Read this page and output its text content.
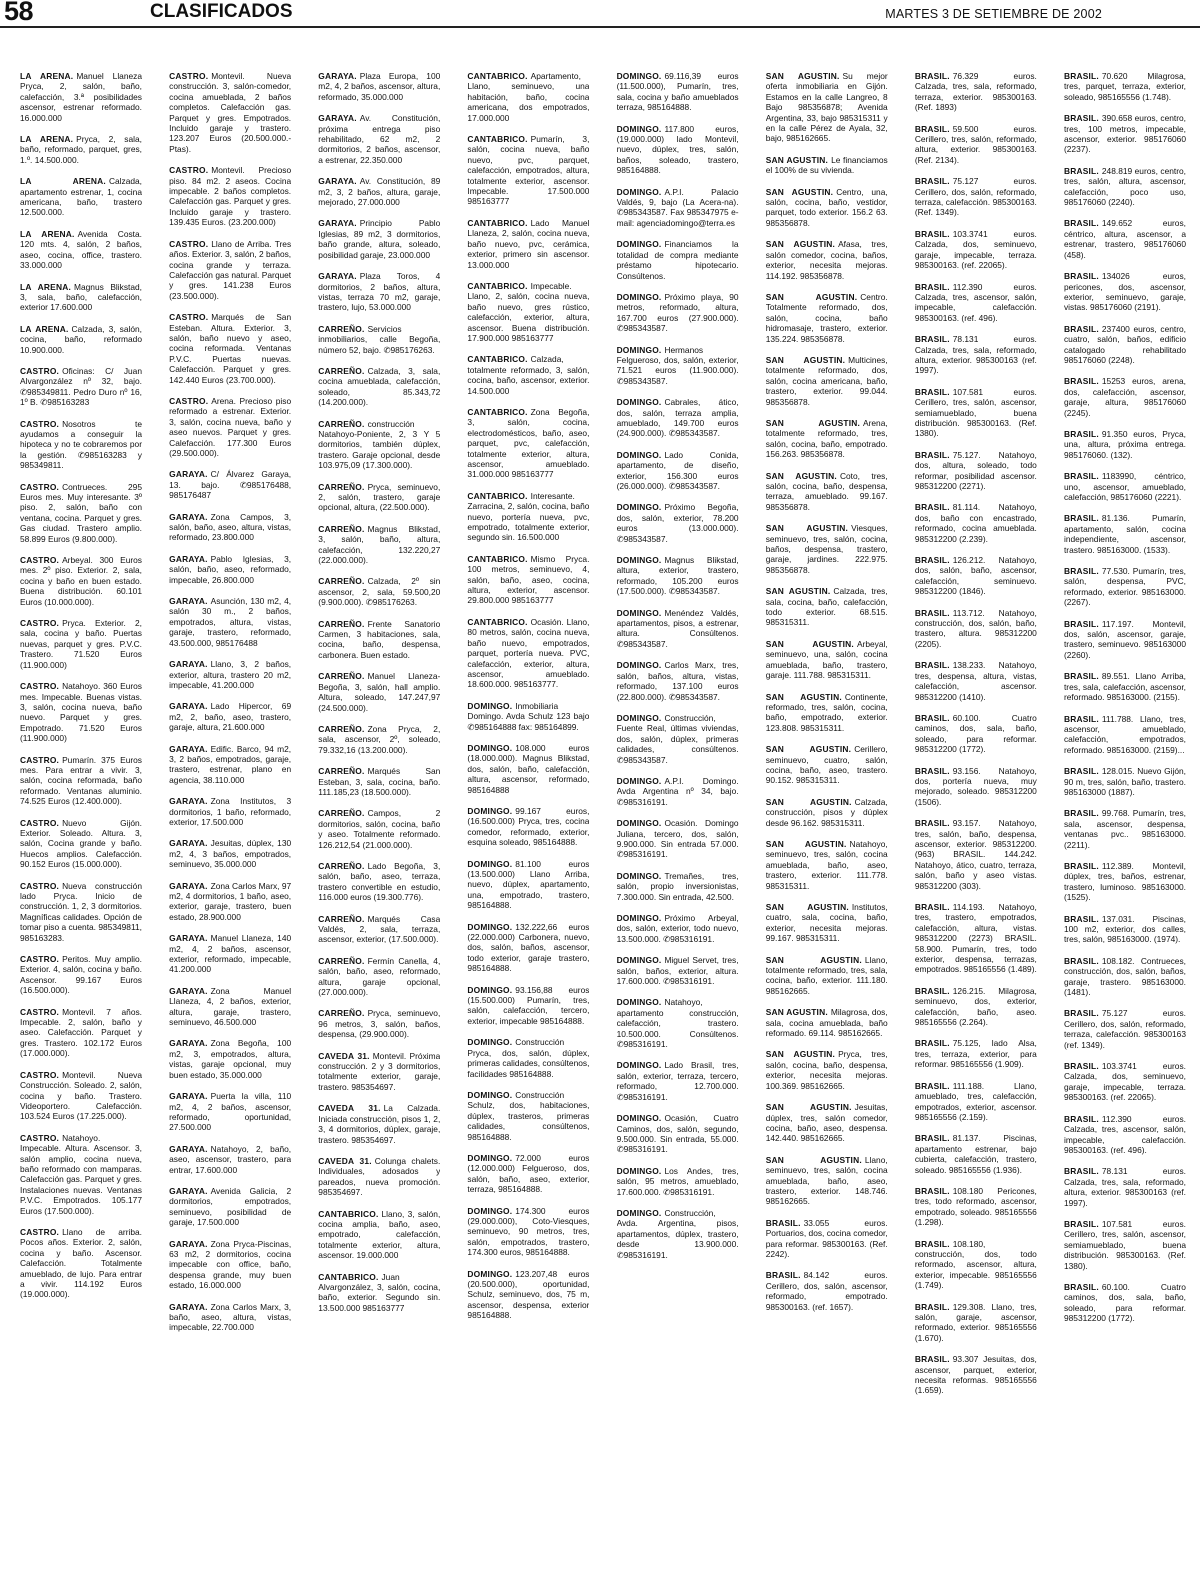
58	CLASIFICADOS	MARTES 3 DE SETIEMBRE DE 2002

LA ARENA. Manuel Llaneza Pryca, 2, salón, baño, calefacción, 3.ª posibilidades ascensor, estrenar reformado. 16.000.000

LA ARENA. Pryca, 2, sala, baño, reformado, parquet, gres, 1.º. 14.500.000.

LA ARENA. Calzada, apartamento estrenar, 1, cocina americana, baño, trastero 12.500.000.

LA ARENA. Avenida Costa. 120 mts. 4, salón, 2 baños, aseo, cocina, office, trastero. 33.000.000

LA ARENA. Magnus Blikstad, 3, sala, baño, calefacción, exterior 17.600.000

LA ARENA. Calzada, 3, salón, cocina, baño, reformado 10.900.000.

CASTRO. Oficinas: C/ Juan Alvargonzález nº 32, bajo. ✆985349811. Pedro Duro nº 16, 1º B. ✆985163283

CASTRO. Nosotros te ayudamos a conseguir la hipoteca y no te cobraremos por la gestión. ✆985163283 y 985349811.

CASTRO. Contrueces. 295 Euros mes. Muy interesante. 3º piso. 2, salón, baño con ventana, cocina. Parquet y gres. Gas ciudad. Trastero amplio. 58.899 Euros (9.800.000).

CASTRO. Arbeyal. 300 Euros mes. 2º piso. Exterior. 2, sala, cocina y baño en buen estado. Buena distribución. 60.101 Euros (10.000.000).

CASTRO. Pryca. Exterior. 2, sala, cocina y baño. Puertas nuevas, parquet y gres. P.V.C. Trastero. 71.520 Euros (11.900.000)

CASTRO. Natahoyo. 360 Euros mes. Impecable. Buenas vistas. 3, salón, cocina nueva, baño nuevo. Parquet y gres. Empotrado. 71.520 Euros (11.900.000)

CASTRO. Pumarín. 375 Euros mes. Para entrar a vivir. 3, salón, cocina reformada, baño reformado. Ventanas aluminio. 74.525 Euros (12.400.000).

CASTRO. Nuevo Gijón. Exterior. Soleado. Altura. 3, salón, Cocina grande y baño. Huecos amplios. Calefacción. 90.152 Euros (15.000.000).

CASTRO. Nueva construcción lado Pryca. Inicio de construcción. 1, 2, 3 dormitorios. Magníficas calidades. Opción de tomar piso a cuenta. 985349811, 985163283.

CASTRO. Peritos. Muy amplio. Exterior. 4, salón, cocina y baño. Ascensor. 99.167 Euros (16.500.000).

CASTRO. Montevil. 7 años. Impecable. 2, salón, baño y aseo. Calefacción. Parquet y gres. Trastero. 102.172 Euros (17.000.000).

CASTRO. Montevil. Nueva Construcción. Soleado. 2, salón, cocina y baño. Trastero. Videoportero. Calefacción. 103.524 Euros (17.225.000).

CASTRO. Natahoyo. Impecable. Altura. Ascensor. 3, salón amplio, cocina nueva, baño reformado con mamparas. Calefacción gas. Parquet y gres. Instalaciones nuevas. Ventanas P.V.C. Empotrados. 105.177 Euros (17.500.000).

CASTRO. Llano de arriba. Pocos años. Exterior. 2, salón, cocina y baño. Ascensor. Calefacción. Totalmente amueblado, de lujo. Para entrar a vivir. 114.192 Euros (19.000.000).

CASTRO. Montevil. Nueva construcción. 3, salón-comedor, cocina amueblada, 2 baños completos. Calefacción gas. Parquet y gres. Empotrados. Incluido garaje y trastero. 123.207 Euros (20.500.000.-Ptas).

CASTRO. Montevil. Precioso piso. 84 m2. 2 aseos. Cocina impecable. 2 baños completos. Calefacción gas. Parquet y gres. Incluido garaje y trastero. 139.435 Euros. (23.200.000)

CASTRO. Llano de Arriba. Tres años. Exterior. 3, salón, 2 baños, cocina grande y terraza. Calefacción gas natural. Parquet y gres. 141.238 Euros (23.500.000).

CASTRO. Marqués de San Esteban. Altura. Exterior. 3, salón, baño nuevo y aseo, cocina reformada. Ventanas P.V.C. Puertas nuevas. Calefacción. Parquet y gres. 142.440 Euros (23.700.000).

CASTRO. Arena. Precioso piso reformado a estrenar. Exterior. 3, salón, cocina nueva, baño y aseo nuevos. Parquet y gres. Calefacción. 177.300 Euros (29.500.000).

GARAYA. C/ Álvarez Garaya, 13. bajo. ✆985176488, 985176487

GARAYA. Zona Campos, 3, salón, baño, aseo, altura, vistas, reformado, 23.800.000

GARAYA. Pablo Iglesias, 3, salón, baño, aseo, reformado, impecable, 26.800.000

GARAYA. Asunción, 130 m2, 4, salón 30 m., 2 baños, empotrados, altura, vistas, garaje, trastero, reformado, 43.500.000, 985176488

GARAYA. Llano, 3, 2 baños, exterior, altura, trastero 20 m2, impecable, 41.200.000

GARAYA. Lado Hipercor, 69 m2, 2, baño, aseo, trastero, garaje, altura, 21.600.000

GARAYA. Edific. Barco, 94 m2, 3, 2 baños, empotrados, garaje, trastero, estrenar, plano en agencia, 38.110.000

GARAYA. Zona Institutos, 3 dormitorios, 1 baño, reformado, exterior, 17.500.000

GARAYA. Jesuitas, dúplex, 130 m2, 4, 3 baños, empotrados, seminuevo, 35.000.000

GARAYA. Zona Carlos Marx, 97 m2, 4 dormitorios, 1 baño, aseo, exterior, garaje, trastero, buen estado, 28.900.000

GARAYA. Manuel Llaneza, 140 m2, 4, 2 baños, ascensor, exterior, reformado, impecable, 41.200.000

GARAYA. Zona Manuel Llaneza, 4, 2 baños, exterior, altura, garaje, trastero, seminuevo, 46.500.000

GARAYA. Zona Begoña, 100 m2, 3, empotrados, altura, vistas, garaje opcional, muy buen estado, 35.000.000

GARAYA. Puerta la villa, 110 m2, 4, 2 baños, ascensor, reformado, oportunidad, 27.500.000

GARAYA. Natahoyo, 2, baño, aseo, ascensor, trastero, para entrar, 17.600.000

GARAYA. Avenida Galicia, 2 dormitorios, empotrados, seminuevo, posibilidad de garaje, 17.500.000

GARAYA. Zona Pryca-Piscinas, 63 m2, 2 dormitorios, cocina impecable con office, baño, despensa grande, muy buen estado, 16.000.000

GARAYA. Zona Carlos Marx, 3, baño, aseo, altura, vistas, impecable, 22.700.000

GARAYA. Plaza Europa, 100 m2, 4, 2 baños, ascensor, altura, reformado, 35.000.000

GARAYA. Av. Constitución, próxima entrega piso rehabilitado, 62 m2, 2 dormitorios, 2 baños, ascensor, a estrenar, 22.350.000

GARAYA. Av. Constitución, 89 m2, 3, 2 baños, altura, garaje, mejorado, 27.000.000

GARAYA. Principio Pablo Iglesias, 89 m2, 3 dormitorios, baño grande, altura, soleado, posibilidad garaje, 23.000.000

GARAYA. Plaza Toros, 4 dormitorios, 2 baños, altura, vistas, terraza 70 m2, garaje, trastero, lujo, 53.000.000

CARREÑO. Servicios inmobiliarios, calle Begoña, número 52, bajo. ✆985176263.

CARREÑO. Calzada, 3, sala, cocina amueblada, calefacción, soleado, 85.343,72 (14.200.000).

CARREÑO. construcción Natahoyo-Poniente, 2, 3 Y 5 dormitorios, también dúplex, trastero. Garaje opcional, desde 103.975,09 (17.300.000).

CARREÑO. Pryca, seminuevo, 2, salón, trastero, garaje opcional, altura, (22.500.000).

CARREÑO. Magnus Blikstad, 3, salón, baño, altura, calefacción, 132.220,27 (22.000.000).

CARREÑO. Calzada, 2º sin ascensor, 2, sala, 59.500,20 (9.900.000). ✆985176263.

CARREÑO. Frente Sanatorio Carmen, 3 habitaciones, sala, cocina, baño, despensa, carbonera. Buen estado.

CARREÑO. Manuel Llaneza-Begoña, 3, salón, hall amplio. Altura, soleado, 147.247,97 (24.500.000).

CARREÑO. Zona Pryca, 2, sala, ascensor, 2º, soleado, 79.332,16 (13.200.000).

CARREÑO. Marqués San Esteban, 3, sala, cocina, baño. 111.185,23 (18.500.000).

CARREÑO. Campos, 2 dormitorios, salón, cocina, baño y aseo. Totalmente reformado. 126.212,54 (21.000.000).

CARREÑO. Lado Begoña, 3, salón, baño, aseo, terraza, trastero convertible en estudio, 116.000 euros (19.300.776).

CARREÑO. Marqués Casa Valdés, 2, sala, terraza, ascensor, exterior, (17.500.000).

CARREÑO. Fermín Canella, 4, salón, baño, aseo, reformado, altura, garaje opcional, (27.000.000).

CARREÑO. Pryca, seminuevo, 96 metros, 3, salón, baños, despensa, (29.900.000).

CAVEDA 31. Montevil. Próxima construcción. 2 y 3 dormitorios, totalmente exterior, garaje, trastero. 985354697.

CAVEDA 31. La Calzada. Iniciada construcción, pisos 1, 2, 3, 4 dormitorios, dúplex, garaje, trastero. 985354697.

CAVEDA 31. Colunga chalets. Individuales, adosados y pareados, nueva promoción. 985354697.

CANTABRICO. Llano, 3, salón, cocina amplia, baño, aseo, empotrado, calefacción, totalmente exterior, altura, ascensor. 19.000.000

CANTABRICO. Juan Alvargonzález, 3, salón, cocina, baño, exterior. Segundo sin. 13.500.000 985163777

CANTABRICO. Apartamento, Llano, seminuevo, una habitación, baño, cocina americana, dos empotrados, 17.000.000

CANTABRICO. Pumarín, 3, salón, cocina nueva, baño nuevo, pvc, parquet, calefacción, empotrados, altura, totalmente exterior, ascensor. Impecable. 17.500.000 985163777

CANTABRICO. Lado Manuel Llaneza, 2, salón, cocina nueva, baño nuevo, pvc, cerámica, exterior, primero sin ascensor. 13.000.000

CANTABRICO. Impecable. Llano, 2, salón, cocina nueva, baño nuevo, gres rústico, calefacción, exterior, altura, ascensor. Buena distribución. 17.900.000 985163777

CANTABRICO. Calzada, totalmente reformado, 3, salón, cocina, baño, ascensor, exterior. 14.500.000

CANTABRICO. Zona Begoña, 3, salón, cocina, electrodomésticos, baño, aseo, parquet, pvc, calefacción, totalmente exterior, altura, ascensor, amueblado. 31.000.000 985163777

CANTABRICO. Interesante. Zarracina, 2, salón, cocina, baño nuevo, portería nueva, pvc, empotrado, totalmente exterior, segundo sin. 16.500.000

CANTABRICO. Mismo Pryca. 100 metros, seminuevo, 4, salón, baño, aseo, cocina, altura, exterior, ascensor. 29.800.000 985163777

CANTABRICO. Ocasión. Llano, 80 metros, salón, cocina nueva, baño nuevo, empotrados, parquet, portería nueva. PVC, calefacción, exterior, altura, ascensor, amueblado. 18.600.000. 985163777.

DOMINGO. Inmobiliaria Domingo. Avda Schulz 123 bajo ✆985164888 fax: 985164899.

DOMINGO. 108.000 euros (18.000.000). Magnus Blikstad, dos, salón, baño, calefacción, altura, ascensor, reformado, 985164888

DOMINGO. 99.167 euros, (16.500.000) Pryca, tres, cocina comedor, reformado, exterior, esquina soleado, 985164888.

DOMINGO. 81.100 euros (13.500.000) Llano Arriba, nuevo, dúplex, apartamento, una, empotrado, trastero, 985164888.

DOMINGO. 132.222,66 euros (22.000.000) Carbonera, nuevo, dos, salón, baños, ascensor, todo exterior, garaje trastero, 985164888.

DOMINGO. 93.156,88 euros (15.500.000) Pumarín, tres, salón, calefacción, tercero, exterior, impecable 985164888.

DOMINGO. Construcción Pryca, dos, salón, dúplex, primeras calidades, consúltenos, facilidades 985164888.

DOMINGO. Construcción Schulz, dos, habitaciones, dúplex, trasteros, primeras calidades, consúltenos, 985164888.

DOMINGO. 72.000 euros (12.000.000) Felgueroso, dos, salón, baño, aseo, exterior, terraza, 985164888.

DOMINGO. 174.300 euros (29.000.000), Coto-Viesques, seminuevo, 90 metros, tres, salón, empotrados, trastero, 174.300 euros, 985164888.

DOMINGO. 123.207,48 euros (20.500.000), oportunidad, Schulz, seminuevo, dos, 75 m, ascensor, despensa, exterior 985164888.

DOMINGO. 69.116,39 euros (11.500.000), Pumarín, tres, sala, cocina y baño amueblados terraza, 985164888.

DOMINGO. 117.800 euros, (19.000.000) lado Montevil, nuevo, dúplex, tres, salón, baños, soleado, trastero, 985164888.

DOMINGO. A.P.I. Palacio Valdés, 9, bajo (La Acera-na). ✆985343587. Fax 985347975 e-mail: agenciadomingo@terra.es

DOMINGO. Financiamos la totalidad de compra mediante préstamo hipotecario. Consúltenos.

DOMINGO. Próximo playa, 90 metros, reformado, altura, 167.700 euros (27.900.000). ✆985343587.

DOMINGO. Hermanos Felgueroso, dos, salón, exterior, 71.521 euros (11.900.000). ✆985343587.

DOMINGO. Cabrales, ático, dos, salón, terraza amplia, amueblado, 149.700 euros (24.900.000). ✆985343587.

DOMINGO. Lado Conida, apartamento, de diseño, exterior, 156.300 euros (26.000.000). ✆985343587.

DOMINGO. Próximo Begoña, dos, salón, exterior, 78.200 euros (13.000.000). ✆985343587.

DOMINGO. Magnus Blikstad, altura, exterior, trastero, reformado, 105.200 euros (17.500.000). ✆985343587.

DOMINGO. Menéndez Valdés, apartamentos, pisos, a estrenar, altura. Consúltenos. ✆985343587.

DOMINGO. Carlos Marx, tres, salón, baños, altura, vistas, reformado, 137.100 euros (22.800.000). ✆985343587.

DOMINGO. Construcción, Fuente Real, últimas viviendas, dos, salón, dúplex, primeras calidades, consúltenos. ✆985343587.

DOMINGO. A.P.I. Domingo. Avda Argentina nº 34, bajo. ✆985316191.

DOMINGO. Ocasión. Domingo Juliana, tercero, dos, salón, 9.900.000. Sin entrada 57.000. ✆985316191.

DOMINGO. Tremañes, tres, salón, propio inversionistas, 7.300.000. Sin entrada, 42.500.

DOMINGO. Próximo Arbeyal, dos, salón, exterior, todo nuevo, 13.500.000. ✆985316191.

DOMINGO. Miguel Servet, tres, salón, baños, exterior, altura. 17.600.000. ✆985316191.

DOMINGO. Natahoyo, apartamento construcción, calefacción, trastero. 10.500.000. Consúltenos. ✆985316191.

DOMINGO. Lado Brasil, tres, salón, exterior, terraza, tercero, reformado, 12.700.000. ✆985316191.

DOMINGO. Ocasión, Cuatro Caminos, dos, salón, segundo, 9.500.000. Sin entrada, 55.000. ✆985316191.

DOMINGO. Los Andes, tres, salón, 95 metros, amueblado, 17.600.000. ✆985316191.

DOMINGO. Construcción, Avda. Argentina, pisos, apartamentos, dúplex, trastero, desde 13.900.000. ✆985316191.

SAN AGUSTIN. Su mejor oferta inmobiliaria en Gijón. Estamos en la calle Langreo, 8 Bajo 985356878; Avenida Argentina, 33, bajo 985315311 y en la calle Pérez de Ayala, 32, bajo, 985162665.

SAN AGUSTIN. Le financiamos el 100% de su vivienda.

SAN AGUSTIN. Centro, una, salón, cocina, baño, vestidor, parquet, todo exterior. 156.2 63. 985356878.

SAN AGUSTIN. Afasa, tres, salón comedor, cocina, baños, exterior, necesita mejoras. 114.192. 985356878.

SAN AGUSTIN. Centro. Totalmente reformado, dos, salón, cocina, baño hidromasaje, trastero, exterior. 135.224. 985356878.

SAN AGUSTIN. Multicines, totalmente reformado, dos, salón, cocina americana, baño, trastero, exterior. 99.044. 985356878.

SAN AGUSTIN. Arena, totalmente reformado, tres, salón, cocina, baño, empotrado. 156.263. 985356878.

SAN AGUSTIN. Coto, tres, salón, cocina, baño, despensa, terraza, amueblado. 99.167. 985356878.

SAN AGUSTIN. Viesques, seminuevo, tres, salón, cocina, baños, despensa, trastero, garaje, jardines. 222.975. 985356878.

SAN AGUSTIN. Calzada, tres, sala, cocina, baño, calefacción, todo exterior. 68.515. 985315311.

SAN AGUSTIN. Arbeyal, seminuevo, una, salón, cocina amueblada, baño, trastero, garaje. 111.788. 985315311.

SAN AGUSTIN. Continente, reformado, tres, salón, cocina, baño, empotrado, exterior. 123.808. 985315311.

SAN AGUSTIN. Cerillero, seminuevo, cuatro, salón, cocina, baño, aseo, trastero. 90.152. 985315311.

SAN AGUSTIN. Calzada, construcción, pisos y dúplex desde 96.162. 985315311.

SAN AGUSTIN. Natahoyo, seminuevo, tres, salón, cocina amueblada, baño, aseo, trastero, exterior. 111.778. 985315311.

SAN AGUSTIN. Institutos, cuatro, sala, cocina, baño, exterior, necesita mejoras. 99.167. 985315311.

SAN AGUSTIN. Llano, totalmente reformado, tres, sala, cocina, baño, exterior. 111.180. 985162665.

SAN AGUSTIN. Milagrosa, dos, sala, cocina amueblada, baño reformado. 69.114. 985162665.

SAN AGUSTIN. Pryca, tres, salón, cocina, baño, despensa, exterior, necesita mejoras. 100.369. 985162665.

SAN AGUSTIN. Jesuitas, dúplex, tres, salón comedor, cocina, baño, aseo, despensa. 142.440. 985162665.

SAN AGUSTIN. Llano, seminuevo, tres, salón, cocina amueblada, baño, aseo, trastero, exterior. 148.746. 985162665.

BRASIL. 33.055 euros. Portuarios, dos, cocina comedor, para reformar. 985300163. (Ref. 2242).

BRASIL. 84.142 euros. Cerillero, dos, salón, ascensor, reformado, empotrado. 985300163. (ref. 1657).

BRASIL. 76.329 euros. Calzada, tres, sala, reformado, terraza, exterior. 985300163. (Ref. 1893)

BRASIL. 59.500 euros. Cerillero, tres, salón, reformado, altura, exterior. 985300163. (Ref. 2134).

BRASIL. 75.127 euros. Cerillero, dos, salón, reformado, terraza, calefacción. 985300163. (Ref. 1349).

BRASIL. 103.3741 euros. Calzada, dos, seminuevo, garaje, impecable, terraza. 985300163. (ref. 22065).

BRASIL. 112.390 euros. Calzada, tres, ascensor, salón, impecable, calefacción. 985300163. (ref. 496).

BRASIL. 78.131 euros. Calzada, tres, sala, reformado, altura, exterior. 985300163 (ref. 1997).

BRASIL. 107.581 euros. Cerillero, tres, salón, ascensor, semiamueblado, buena distribución. 985300163. (Ref. 1380).

BRASIL. 75.127. Natahoyo, dos, altura, soleado, todo reformar, posibilidad ascensor. 985312200 (2271).

BRASIL. 81.114. Natahoyo, dos, baño con encastrado, reformado, cocina amueblada. 985312200 (2.239).

BRASIL. 126.212. Natahoyo, dos, salón, baño, ascensor, calefacción, seminuevo. 985312200 (1846).

BRASIL. 113.712. Natahoyo, construcción, dos, salón, baño, trastero, altura. 985312200 (2205).

BRASIL. 138.233. Natahoyo, tres, despensa, altura, vistas, calefacción, ascensor. 985312200 (1410).

BRASIL. 60.100. Cuatro caminos, dos, sala, baño, soleado, para reformar. 985312200 (1772).

BRASIL. 93.156. Natahoyo, dos, portería nueva, muy mejorado, soleado. 985312200 (1506).

BRASIL. 93.157. Natahoyo, tres, salón, baño, despensa, ascensor, exterior. 985312200. (963) BRASIL. 144.242. Natahoyo, ático, cuatro, terraza, salón, baño y aseo vistas. 985312200 (303).

BRASIL. 114.193. Natahoyo, tres, trastero, empotrados, calefacción, altura, vistas. 985312200 (2273) BRASIL. 58.900. Pumarín, tres, todo exterior, despensa, terrazas, empotrados. 985165556 (1.489).

BRASIL. 126.215. Milagrosa, seminuevo, dos, exterior, calefacción, baño, aseo. 985165556 (2.264).

BRASIL. 75.125, lado Alsa, tres, terraza, exterior, para reformar. 985165556 (1.909).

BRASIL. 111.188. Llano, amueblado, tres, calefacción, empotrados, exterior, ascensor. 985165556 (2.159).

BRASIL. 81.137. Piscinas, apartamento estrenar, bajo cubierta, calefacción, trastero, soleado. 985165556 (1.936).

BRASIL. 108.180 Pericones, tres, todo reformado, ascensor, empotrado, soleado. 985165556 (1.298).

BRASIL. 108.180, construcción, dos, todo reformado, ascensor, altura, exterior, impecable. 985165556 (1.749).

BRASIL. 129.308. Llano, tres, salón, garaje, ascensor, reformado, exterior. 985165556 (1.670).

BRASIL. 93.307 Jesuitas, dos, ascensor, parquet, exterior, necesita reformas. 985165556 (1.659).

BRASIL. 70.620 Milagrosa, tres, parquet, terraza, exterior, soleado, 985165556 (1.748).

BRASIL. 390.658 euros, centro, tres, 100 metros, impecable, ascensor, exterior. 985176060 (2237).

BRASIL. 248.819 euros, centro, tres, salón, altura, ascensor, calefacción, poco uso, 985176060 (2240).

BRASIL. 149.652 euros, céntrico, altura, ascensor, a estrenar, trastero, 985176060 (458).

BRASIL. 134026 euros, pericones, dos, ascensor, exterior, seminuevo, garaje, vistas. 985176060 (2191).

BRASIL. 237400 euros, centro, cuatro, salón, baños, edificio catalogado rehabilitado 985176060 (2248).

BRASIL. 15253 euros, arena, dos, calefacción, ascensor, garaje, altura, 985176060 (2245).

BRASIL. 91.350 euros, Pryca, una, altura, próxima entrega. 985176060. (132).

BRASIL. 1183990, céntrico, uno, ascensor, amueblado, calefacción, 985176060 (2221).

BRASIL. 81.136. Pumarín, apartamento, salón, cocina independiente, ascensor, trastero. 985163000. (1533).

BRASIL. 77.530. Pumarín, tres, salón, despensa, PVC, reformado, exterior. 985163000. (2267).

BRASIL. 117.197. Montevil, dos, salón, ascensor, garaje, trastero, seminuevo. 985163000 (2260).

BRASIL. 89.551. Llano Arriba, tres, sala, calefacción, ascensor, reformado. 985163000. (2155).

BRASIL. 111.788. Llano, tres, ascensor, amueblado, calefacción, empotrados, reformado. 985163000. (2159)...

BRASIL. 128.015. Nuevo Gijón, 90 m, tres, salón, baño, trastero. 985163000 (1887).

BRASIL. 99.768. Pumarín, tres, sala, ascensor, despensa, ventanas pvc.. 985163000. (2211).

BRASIL. 112.389. Montevil, dúplex, tres, baños, estrenar, trastero, luminoso. 985163000. (1525).

BRASIL. 137.031. Piscinas, 100 m2, exterior, dos calles, tres, salón, 985163000. (1974).

BRASIL. 108.182. Contrueces, construcción, dos, salón, baños, garaje, trastero. 985163000. (1481).

BRASIL. 75.127 euros. Cerillero, dos, salón, reformado, terraza, calefacción. 985300163 (ref. 1349).

BRASIL. 103.3741 euros. Calzada, dos, seminuevo, garaje, impecable, terraza. 985300163. (ref. 22065).

BRASIL. 112.390 euros. Calzada, tres, ascensor, salón, impecable, calefacción. 985300163. (ref. 496).

BRASIL. 78.131 euros. Calzada, tres, sala, reformado, altura, exterior. 985300163 (ref. 1997).

BRASIL. 107.581 euros. Cerillero, tres, salón, ascensor, semiamueblado, buena distribución. 985300163. (Ref. 1380).

BRASIL. 60.100. Cuatro caminos, dos, sala, baño, soleado, para reformar. 985312200 (1772).
